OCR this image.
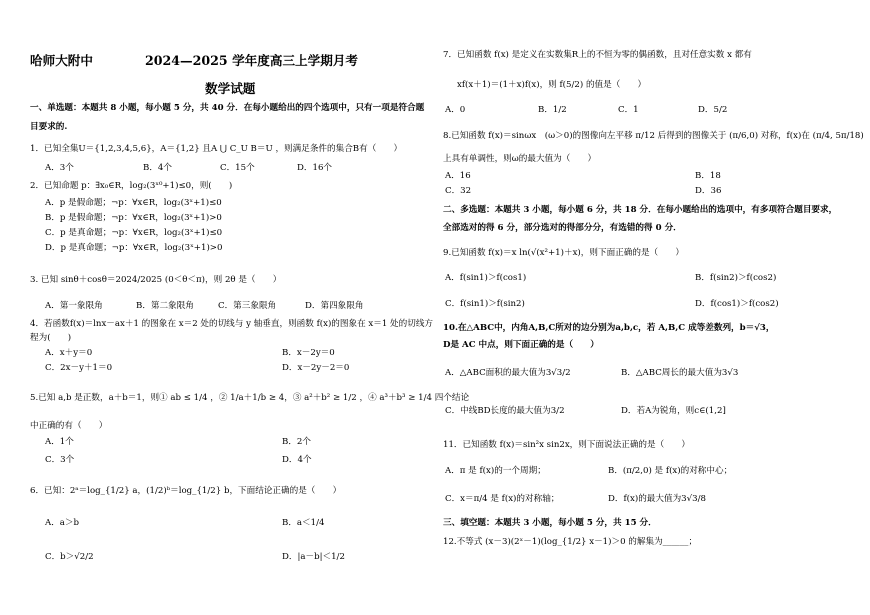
哈师大附中	2024—2025 学年度高三上学期月考
数学试题
一、单选题：本题共 8 小题，每小题 5 分，共 40 分．在每小题给出的四个选项中，只有一项是符合题
目要求的.
1．已知全集U＝{1,2,3,4,5,6}，A＝{1,2} 且A ⋃ C_U B＝U ，则满足条件的集合B有（　　）
A．3个	B．4个	C．15个	D．16个
2．已知命题 p：∃x₀∈R，log₂(3ˣ⁰+1)≤0，则(　　)
A．p 是假命题；¬p：∀x∈R，log₂(3ˣ+1)≤0
B．p 是假命题；¬p：∀x∈R，log₂(3ˣ+1)>0
C．p 是真命题；¬p：∀x∈R，log₂(3ˣ+1)≤0
D．p 是真命题；¬p：∀x∈R，log₂(3ˣ+1)>0
3. 已知 sinθ＋cosθ＝2024/2025 (0＜θ＜π)，则 2θ 是（　　）
A．第一象限角	B．第二象限角	C．第三象限角	D．第四象限角
4．若函数f(x)＝lnx－ax＋1 的图象在 x＝2 处的切线与 y 轴垂直，则函数 f(x)的图象在 x＝1 处的切线方
程为(　　)
A．x＋y＝0	B．x－2y＝0
C．2x－y＋1＝0	D．x－2y－2＝0
5.已知 a,b 是正数，a＋b＝1，则① ab ≤ 1/4 ，② 1/a＋1/b ≥ 4，③ a²＋b² ≥ 1/2 ，④ a³＋b³ ≥ 1/4 四个结论
中正确的有（　　）
A．1个	B．2个
C．3个	D．4个
6．已知：2ᵃ＝log_{1/2} a，(1/2)ᵇ＝log_{1/2} b，下面结论正确的是（　　）
A．a＞b	B．a＜1/4
C．b＞√2/2	D．|a－b|＜1/2
7．已知函数 f(x) 是定义在实数集R上的不恒为零的偶函数，且对任意实数 x 都有
xf(x＋1)＝(1＋x)f(x)，则 f(5/2) 的值是（　　）
A．0	B．1/2	C．1	D．5/2
8.已知函数 f(x)＝sinωx　(ω＞0)的图像向左平移 π/12 后得到的图像关于 (π/6,0) 对称，f(x)在 (π/4, 5π/18)
上具有单调性，则ω的最大值为（　　）
A．16	B．18
C．32	D．36
二、多选题：本题共 3 小题，每小题 6 分，共 18 分．在每小题给出的选项中，有多项符合题目要求，
全部选对的得 6 分，部分选对的得部分分，有选错的得 0 分．
9.已知函数 f(x)＝x ln(√(x²+1)＋x)，则下面正确的是（　　）
A．f(sin1)＞f(cos1)	B．f(sin2)＞f(cos2)
C．f(sin1)＞f(sin2)	D．f(cos1)＞f(cos2)
10.在△ABC中，内角A,B,C所对的边分别为a,b,c，若 A,B,C 成等差数列，b＝√3，
D是 AC 中点，则下面正确的是（　　）
A．△ABC面积的最大值为3√3/2	B．△ABC周长的最大值为3√3
C．中线BD长度的最大值为3/2	D．若A为锐角，则c∈(1,2]
11．已知函数 f(x)＝sin²x sin2x，则下面说法正确的是（　　）
A．π 是 f(x)的一个周期；	B．(π/2,0) 是 f(x)的对称中心；
C．x＝π/4 是 f(x)的对称轴；	D．f(x)的最大值为3√3/8
三、填空题：本题共 3 小题，每小题 5 分，共 15 分．
12.不等式 (x－3)(2ˣ－1)(log_{1/2} x－1)＞0 的解集为______；
